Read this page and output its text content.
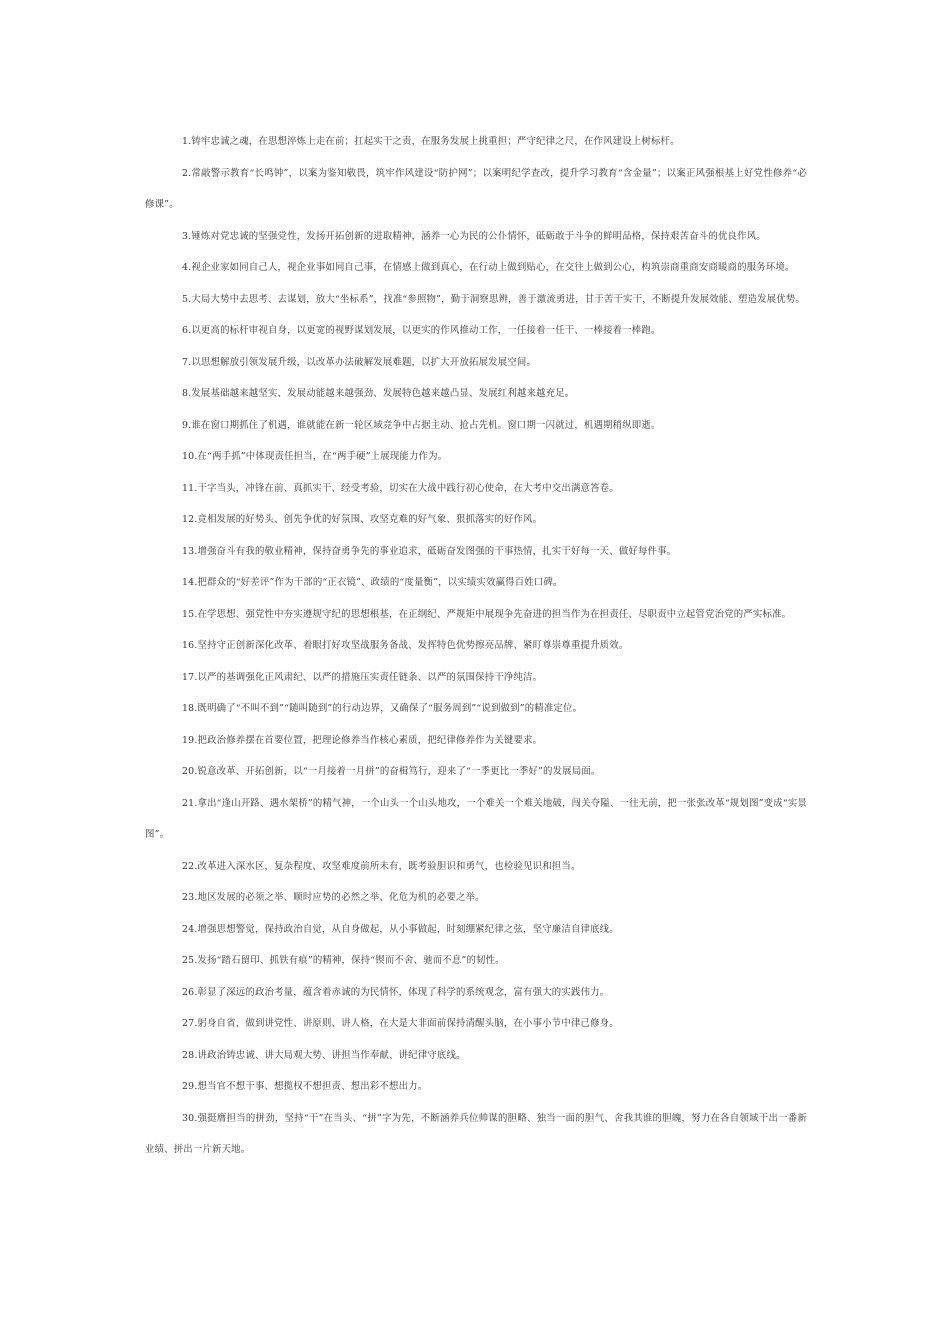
1.铸牢忠诚之魂，在思想淬炼上走在前；扛起实干之责，在服务发展上挑重担；严守纪律之尺，在作风建设上树标杆。

2.常敲警示教育“长鸣钟”，以案为鉴知敬畏，筑牢作风建设“防护网”；以案明纪学查改，提升学习教育“含金量”；以案正风强根基上好党性修养“必修课”。

3.锤炼对党忠诚的坚强党性，发扬开拓创新的进取精神，涵养一心为民的公仆情怀，砥砺敢于斗争的鲜明品格，保持艰苦奋斗的优良作风。

4.视企业家如同自己人，视企业事如同自己事，在情感上做到真心，在行动上做到贴心，在交往上做到公心，构筑崇商重商安商暖商的服务环境。

5.大局大势中去思考、去谋划，放大“坐标系”，找准“参照物”，勤于洞察思辨，善于激流勇进，甘于苦干实干，不断提升发展效能、塑造发展优势。

6.以更高的标杆审视自身，以更宽的视野谋划发展，以更实的作风推动工作，一任接着一任干、一棒接着一棒跑。

7.以思想解放引领发展升级，以改革办法破解发展难题，以扩大开放拓展发展空间。

8.发展基础越来越坚实、发展动能越来越强劲、发展特色越来越凸显、发展红利越来越充足。

9.谁在窗口期抓住了机遇，谁就能在新一轮区域竞争中占据主动、抢占先机。窗口期一闪就过，机遇期稍纵即逝。

10.在“两手抓”中体现责任担当，在“两手硬”上展现能力作为。

11.干字当头，冲锋在前、真抓实干、经受考验，切实在大战中践行初心使命，在大考中交出满意答卷。

12.竞相发展的好势头、创先争优的好氛围、攻坚克难的好气象、狠抓落实的好作风。

13.增强奋斗有我的敬业精神，保持奋勇争先的事业追求，砥砺奋发图强的干事热情，扎实干好每一天、做好每件事。

14.把群众的“好差评”作为干部的“正衣镜”、政绩的“度量衡”，以实绩实效赢得百姓口碑。

15.在学思想、强党性中夯实遵规守纪的思想根基，在正纲纪、严规矩中展现争先奋进的担当作为在担责任、尽职责中立起管党治党的严实标准。

16.坚持守正创新深化改革、着眼打好攻坚战服务备战、发挥特色优势擦亮品牌、紧盯尊崇尊重提升质效。

17.以严的基调强化正风肃纪、以严的措施压实责任链条、以严的氛围保持干净纯洁。

18.既明确了“不叫不到”“随叫随到”的行动边界，又确保了“服务周到”“说到做到”的精准定位。

19.把政治修养摆在首要位置，把理论修养当作核心素质，把纪律修养作为关键要求。

20.锐意改革、开拓创新，以“一月接着一月拼”的奋楫笃行，迎来了“一季更比一季好”的发展局面。

21.拿出“逢山开路、遇水架桥”的精气神，一个山头一个山头地攻，一个难关一个难关地破，闯关夺隘、一往无前，把一张张改革“规划图”变成“实景图”。

22.改革进入深水区，复杂程度、攻坚难度前所未有，既考验胆识和勇气，也检验见识和担当。

23.地区发展的必须之举、顺时应势的必然之举、化危为机的必要之举。

24.增强思想警觉，保持政治自觉，从自身做起，从小事做起，时刻绷紧纪律之弦，坚守廉洁自律底线。

25.发扬“踏石留印、抓铁有痕”的精神，保持“锲而不舍、驰而不息”的韧性。

26.彰显了深远的政治考量，蕴含着赤诚的为民情怀，体现了科学的系统观念，富有强大的实践伟力。

27.躬身自省，做到讲党性、讲原则、讲人格，在大是大非面前保持清醒头脑，在小事小节中律己修身。

28.讲政治铸忠诚、讲大局观大势、讲担当作奉献、讲纪律守底线。

29.想当官不想干事、想揽权不想担责、想出彩不想出力。

30.强挺膺担当的拼劲，坚持“干”在当头、“拼”字为先，不断涵养兵位帅谋的胆略、独当一面的胆气、舍我其谁的胆魄，努力在各自领域干出一番新业绩、拼出一片新天地。
